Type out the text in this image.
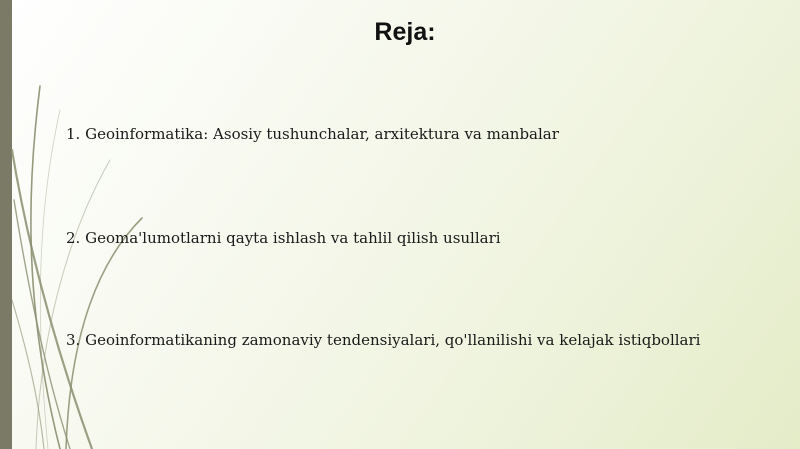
Reja:

1. Geoinformatika: Asosiy tushunchalar, arxitektura va manbalar

2. Geoma'lumotlarni qayta ishlash va tahlil qilish usullari

3. Geoinformatikaning zamonaviy tendensiyalari, qo'llanilishi va kelajak istiqbollari
